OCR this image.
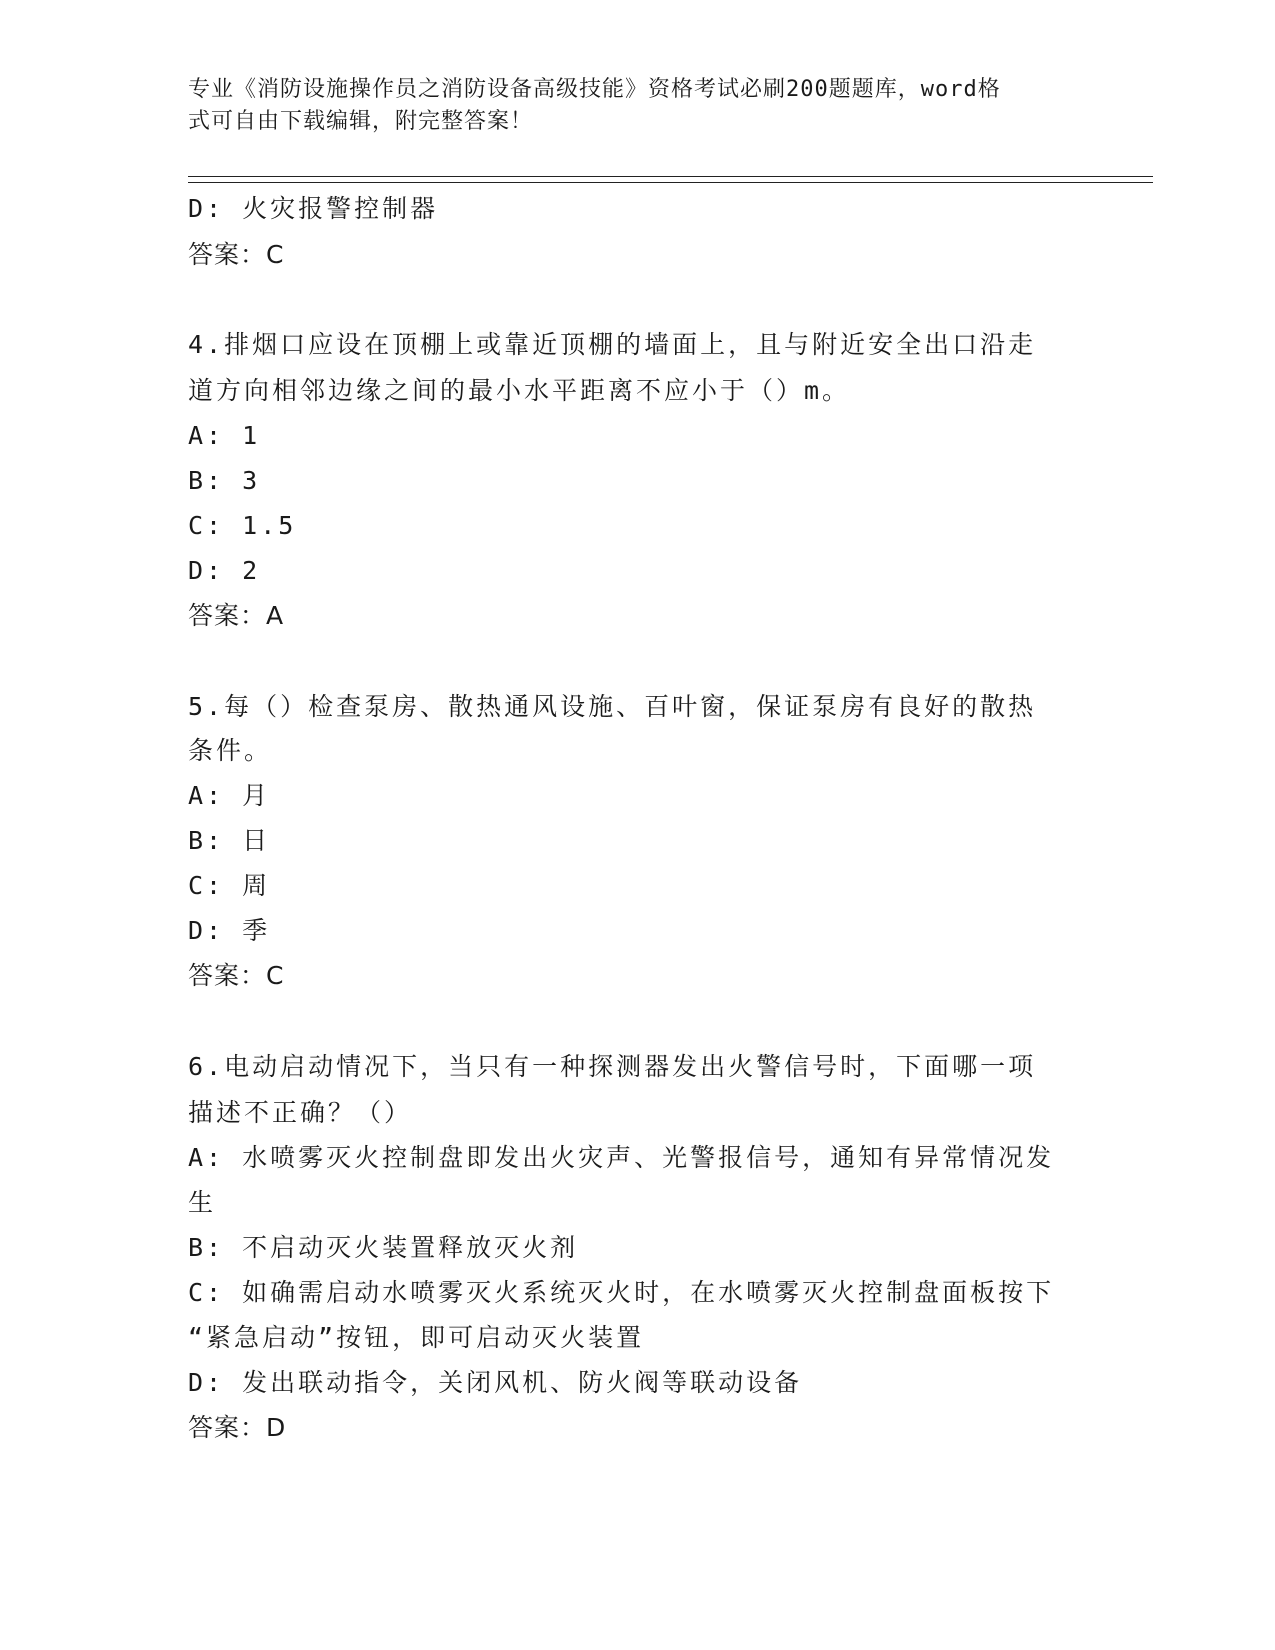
专业《消防设施操作员之消防设备高级技能》资格考试必刷200题题库，word格
式可自由下载编辑，附完整答案！
D: 火灾报警控制器
答案：C
4.排烟口应设在顶棚上或靠近顶棚的墙面上，且与附近安全出口沿走
道方向相邻边缘之间的最小水平距离不应小于（）m。
A: 1
B: 3
C: 1.5
D: 2
答案：A
5.每（）检查泵房、散热通风设施、百叶窗，保证泵房有良好的散热
条件。
A: 月
B: 日
C: 周
D: 季
答案：C
6.电动启动情况下，当只有一种探测器发出火警信号时，下面哪一项
描述不正确？（）
A: 水喷雾灭火控制盘即发出火灾声、光警报信号，通知有异常情况发
生
B: 不启动灭火装置释放灭火剂
C: 如确需启动水喷雾灭火系统灭火时，在水喷雾灭火控制盘面板按下
“紧急启动”按钮，即可启动灭火装置
D: 发出联动指令，关闭风机、防火阀等联动设备
答案：D
